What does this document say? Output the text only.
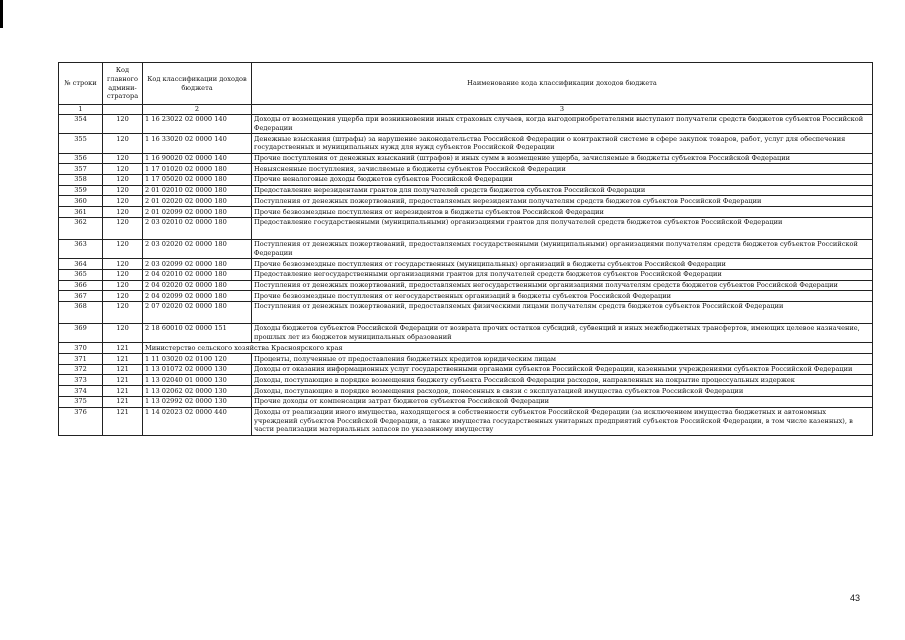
№ строки	Код главного админи-стратора	Код классификации доходов бюджета	Наименование кода классификации доходов бюджета
1		2	3
354	120	1 16 23022 02 0000 140	Доходы от возмещения ущерба при возникновении иных страховых случаев, когда выгодоприобретателями выступают получатели средств бюджетов субъектов Российской Федерации
355	120	1 16 33020 02 0000 140	Денежные взыскания (штрафы) за нарушение законодательства Российской Федерации о контрактной системе в сфере закупок товаров, работ, услуг для обеспечения государственных и муниципальных нужд для нужд субъектов Российской Федерации
356	120	1 16 90020 02 0000 140	Прочие поступления от денежных взысканий (штрафов) и иных сумм в возмещение ущерба, зачисляемые в бюджеты субъектов Российской Федерации
357	120	1 17 01020 02 0000 180	Невыясненные поступления, зачисляемые в бюджеты субъектов Российской Федерации
358	120	1 17 05020 02 0000 180	Прочие неналоговые доходы бюджетов субъектов Российской Федерации
359	120	2 01 02010 02 0000 180	Предоставление нерезидентами грантов для получателей средств бюджетов субъектов Российской Федерации
360	120	2 01 02020 02 0000 180	Поступления от денежных пожертвований, предоставляемых нерезидентами получателям средств бюджетов субъектов Российской Федерации
361	120	2 01 02099 02 0000 180	Прочие безвозмездные поступления от нерезидентов в бюджеты субъектов Российской Федерации
362	120	2 03 02010 02 0000 180	Предоставление государственными (муниципальными) организациями грантов для получателей средств бюджетов субъектов Российской Федерации
363	120	2 03 02020 02 0000 180	Поступления от денежных пожертвований, предоставляемых государственными (муниципальными) организациями получателям средств бюджетов субъектов Российской Федерации
364	120	2 03 02099 02 0000 180	Прочие безвозмездные поступления от государственных (муниципальных) организаций в бюджеты субъектов Российской Федерации
365	120	2 04 02010 02 0000 180	Предоставление негосударственными организациями грантов для получателей средств бюджетов субъектов Российской Федерации
366	120	2 04 02020 02 0000 180	Поступления от денежных пожертвований, предоставляемых негосударственными организациями получателям средств бюджетов субъектов Российской Федерации
367	120	2 04 02099 02 0000 180	Прочие безвозмездные поступления от негосударственных организаций в бюджеты субъектов Российской Федерации
368	120	2 07 02020 02 0000 180	Поступления от денежных пожертвований, предоставляемых физическими лицами получателям средств бюджетов субъектов Российской Федерации
369	120	2 18 60010 02 0000 151	Доходы бюджетов субъектов Российской Федерации от возврата прочих остатков субсидий, субвенций и иных межбюджетных трансфертов, имеющих целевое назначение, прошлых лет из бюджетов муниципальных образований
370	121	Министерство сельского хозяйства Красноярского края	
371	121	1 11 03020 02 0100 120	Проценты, полученные от предоставления бюджетных кредитов юридическим лицам
372	121	1 13 01072 02 0000 130	Доходы от оказания информационных услуг государственными органами субъектов Российской Федерации, казенными учреждениями субъектов Российской Федерации
373	121	1 13 02040 01 0000 130	Доходы, поступающие в порядке возмещения бюджету субъекта Российской Федерации расходов, направленных на покрытие процессуальных издержек
374	121	1 13 02062 02 0000 130	Доходы, поступающие в порядке возмещения расходов, понесенных в связи с эксплуатацией имущества субъектов Российской Федерации
375	121	1 13 02992 02 0000 130	Прочие доходы от компенсации затрат бюджетов субъектов Российской Федерации
376	121	1 14 02023 02 0000 440	Доходы от реализации иного имущества, находящегося в собственности субъектов Российской Федерации (за исключением имущества бюджетных и автономных учреждений субъектов Российской Федерации, а также имущества государственных унитарных предприятий субъектов Российской Федерации, в том числе казенных), в части реализации материальных запасов по указанному имуществу
43
